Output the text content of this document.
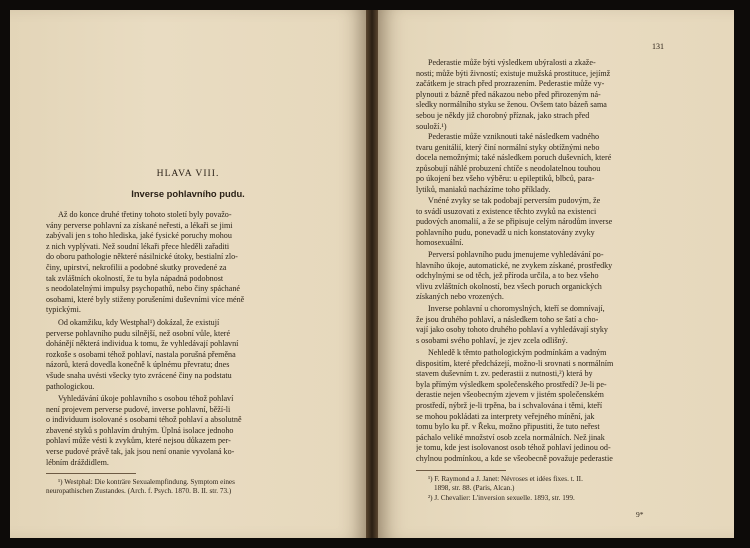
HLAVA VIII.
Inverse pohlavního pudu.

Až do konce druhé třetiny tohoto století byly považo-
vány perverse pohlavní za získané neřesti, a lékaři se jimi
zabývali jen s toho hlediska, jaké fysické poruchy mohou
z nich vyplývati. Než soudní lékaři přece hleděli zařaditi
do oboru pathologie některé násilnické útoky, bestialní zlo-
činy, upirství, nekrofilii a podobné skutky provedené za
tak zvláštních okolností, že tu byla nápadná podobnost
s neodolatelnými impulsy psychopathů, nebo činy spáchané
osobami, které byly stiženy porušeními duševními více méně
typickými.

Od okamžiku, kdy Westphal¹) dokázal, že existují
perverse pohlavního pudu silnější, než osobní vůle, které
dohánějí některá individua k tomu, že vyhledávají pohlavní
rozkoše s osobami téhož pohlaví, nastala porušná přeměna
názorů, která dovedla konečně k úplnému převratu; dnes
všude snaha uvésti všecky tyto zvrácené činy na podstatu
pathologickou.

Vyhledávání úkoje pohlavního s osobou téhož pohlaví
není projevem perverse pudové, inverse pohlavní, běží-li
o individuum isolované s osobami téhož pohlaví a absolutně
zbavené styků s pohlavím druhým. Úplná isolace jednoho
pohlaví může vésti k zvykům, které nejsou důkazem per-
verse pudové právě tak, jak jsou není onanie vyvolaná ko-
lébním dráždidlem.

¹) Westphal: Die konträre Sexualempfindung. Symptom eines
neuropathischen Zustandes. (Arch. f. Psych. 1870. B. II. str. 73.)
131

Pederastie může býti výsledkem ubýralosti a zkaže-
nosti; může býti živností; existuje mužská prostituce, jejímž
začátkem je strach před prozrazením. Pederastie může vy-
plynouti z bázně před nákazou nebo před přirozeným ná-
sledky normálního styku se ženou. Ovšem tato bázeň sama
sebou je někdy již chorobný příznak, jako strach před
souloží.¹)

Pederastie může vzniknouti také následkem vadného
tvaru genitálií, který činí normální styky obtížnými nebo
docela nemožnými; také následkem poruch duševních, které
způsobují náhlé probuzení chtíče s neodolatelnou touhou
po úkojení bez všeho výběru: u epileptiků, blbců, para-
lytiků, maniaků nacházíme toho příklady.

Vnéné zvyky se tak podobají perversím pudovým, že
to svádí usuzovati z existence těchto zvyků na existenci
pudových anomalií, a že se připisuje celým národům inverse
pohlavního pudu, ponevadž u nich konstatovány zvyky
homosexuální.

Perversí pohlavního pudu jmenujeme vyhledávání po-
hlavního úkoje, automatické, ne zvykem získané, prostředky
odchylnými se od těch, jež příroda určila, a to bez všeho
vlivu zvláštních okolností, bez všech poruch organických
získaných nebo vrozených.

Inverse pohlavní u choromyslných, kteří se domnívají,
že jsou druhého pohlaví, a následkem toho se šatí a cho-
vají jako osoby tohoto druhého pohlaví a vyhledávají styky
s osobami svého pohlaví, je zjev zcela odlišný.

Nehledě k těmto pathologickým podmínkám a vadným
dispositím, které předcházejí, možno-li srovnati s normálním
stavem duševním t. zv. pederastii z nutnosti,²) která by
byla přímým výsledkem společenského prostředí? Je-li pe-
derastie nejen všeobecným zjevem v jistém společenském
prostředí, nýbrž je-li trpěna, ba i schvalována i těmi, kteří
se mohou pokládati za interprety veřejného mínění, jak
tomu bylo ku př. v Řeku, možno připustiti, že tuto neřest
páchalo veliké množství osob zcela normálních. Než jinak
je tomu, kde jest isolovanost osob téhož pohlaví jedinou od-
chylnou podmínkou, a kde se všeobecně považuje pederastie

¹) F. Raymond a J. Janet: Névroses et idées fixes. t. II.
1898, str. 88. (Paris, Alcan.)
²) J. Chevalier: L'inversion sexuelle. 1893, str. 199.
9*
